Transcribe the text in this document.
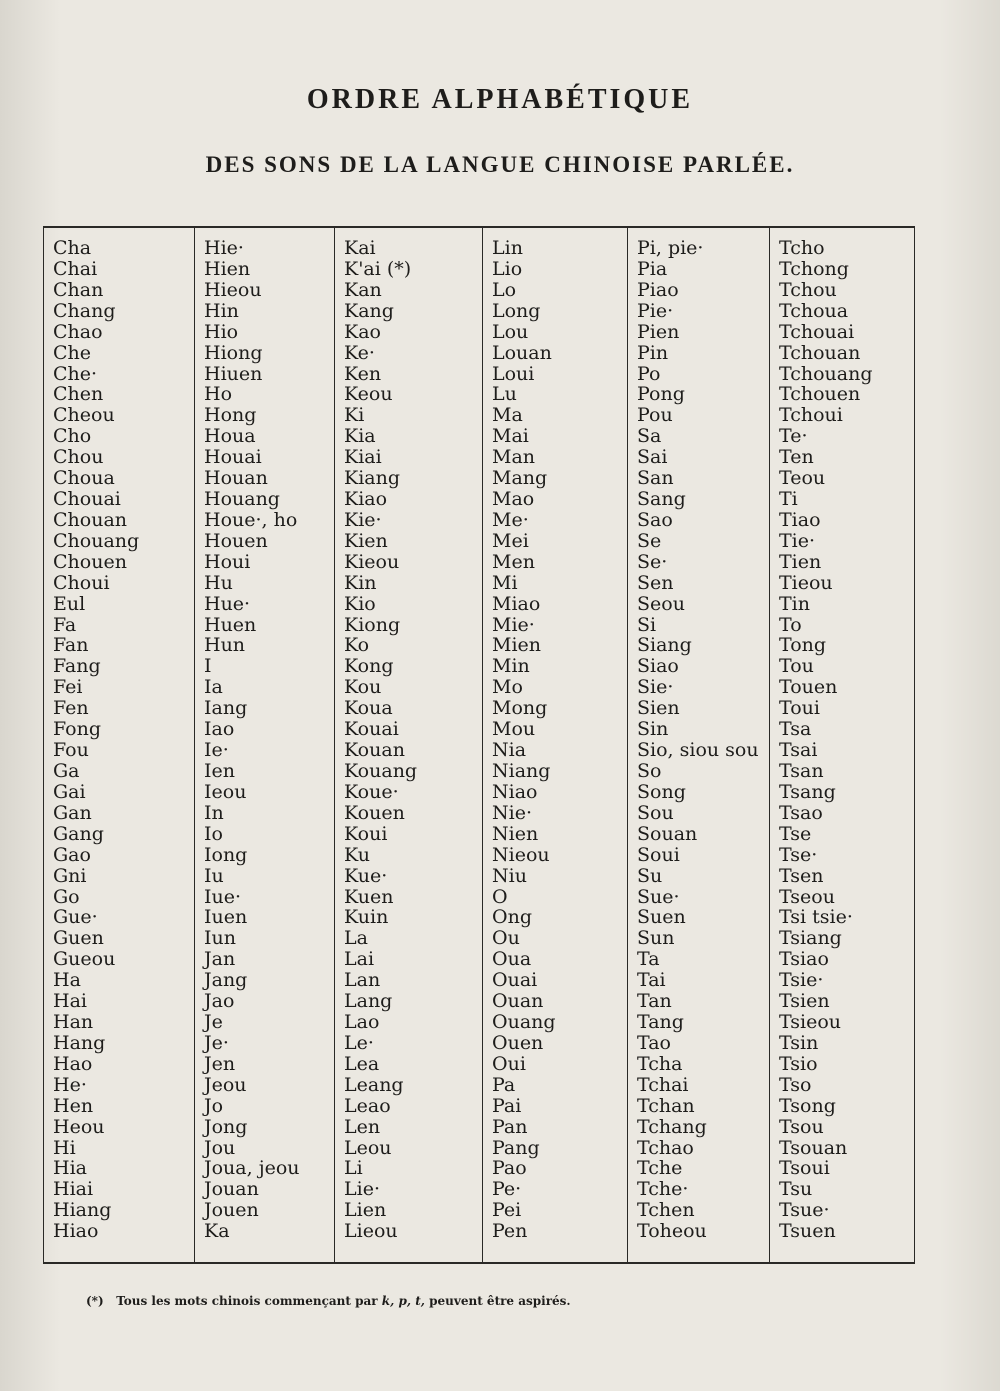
ORDRE ALPHABÉTIQUE
DES SONS DE LA LANGUE CHINOISE PARLÉE.
Cha
Chai
Chan
Chang
Chao
Che
Che·
Chen
Cheou
Cho
Chou
Choua
Chouai
Chouan
Chouang
Chouen
Choui
Eul
Fa
Fan
Fang
Fei
Fen
Fong
Fou
Ga
Gai
Gan
Gang
Gao
Gni
Go
Gue·
Guen
Gueou
Ha
Hai
Han
Hang
Hao
He·
Hen
Heou
Hi
Hia
Hiai
Hiang
Hiao
Hie·
Hien
Hieou
Hin
Hio
Hiong
Hiuen
Ho
Hong
Houa
Houai
Houan
Houang
Houe·, ho
Houen
Houi
Hu
Hue·
Huen
Hun
I
Ia
Iang
Iao
Ie·
Ien
Ieou
In
Io
Iong
Iu
Iue·
Iuen
Iun
Jan
Jang
Jao
Je
Je·
Jen
Jeou
Jo
Jong
Jou
Joua, jeou
Jouan
Jouen
Ka
Kai
K'ai (*)
Kan
Kang
Kao
Ke·
Ken
Keou
Ki
Kia
Kiai
Kiang
Kiao
Kie·
Kien
Kieou
Kin
Kio
Kiong
Ko
Kong
Kou
Koua
Kouai
Kouan
Kouang
Koue·
Kouen
Koui
Ku
Kue·
Kuen
Kuin
La
Lai
Lan
Lang
Lao
Le·
Lea
Leang
Leao
Len
Leou
Li
Lie·
Lien
Lieou
Lin
Lio
Lo
Long
Lou
Louan
Loui
Lu
Ma
Mai
Man
Mang
Mao
Me·
Mei
Men
Mi
Miao
Mie·
Mien
Min
Mo
Mong
Mou
Nia
Niang
Niao
Nie·
Nien
Nieou
Niu
O
Ong
Ou
Oua
Ouai
Ouan
Ouang
Ouen
Oui
Pa
Pai
Pan
Pang
Pao
Pe·
Pei
Pen
Pi, pie·
Pia
Piao
Pie·
Pien
Pin
Po
Pong
Pou
Sa
Sai
San
Sang
Sao
Se
Se·
Sen
Seou
Si
Siang
Siao
Sie·
Sien
Sin
Sio, siou sou
So
Song
Sou
Souan
Soui
Su
Sue·
Suen
Sun
Ta
Tai
Tan
Tang
Tao
Tcha
Tchai
Tchan
Tchang
Tchao
Tche
Tche·
Tchen
Toheou
Tcho
Tchong
Tchou
Tchoua
Tchouai
Tchouan
Tchouang
Tchouen
Tchoui
Te·
Ten
Teou
Ti
Tiao
Tie·
Tien
Tieou
Tin
To
Tong
Tou
Touen
Toui
Tsa
Tsai
Tsan
Tsang
Tsao
Tse
Tse·
Tsen
Tseou
Tsi tsie·
Tsiang
Tsiao
Tsie·
Tsien
Tsieou
Tsin
Tsio
Tso
Tsong
Tsou
Tsouan
Tsoui
Tsu
Tsue·
Tsuen
(*) Tous les mots chinois commençant par k, p, t, peuvent être aspirés.
